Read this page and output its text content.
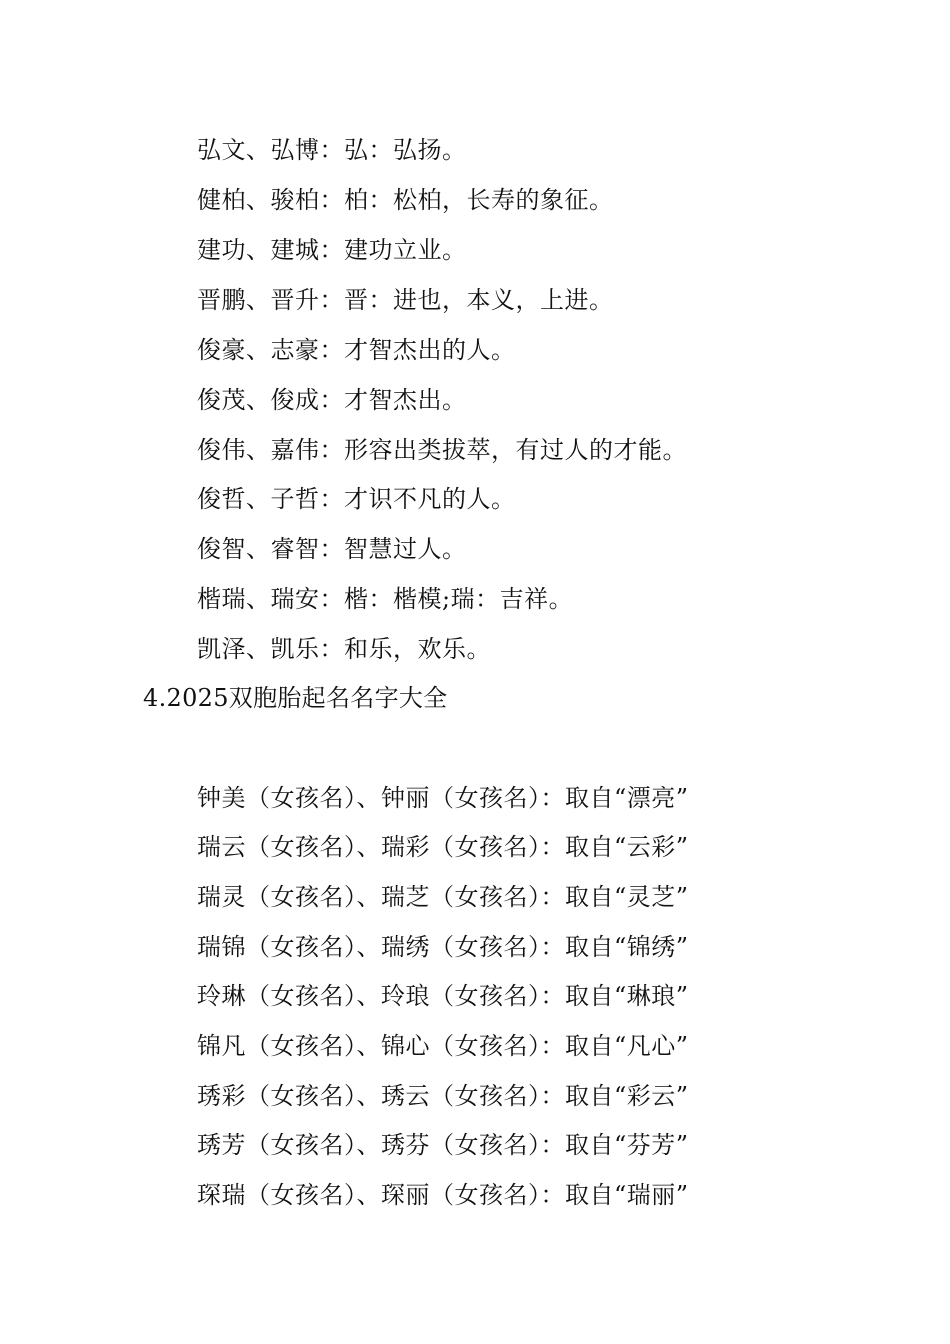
弘文、弘博：弘：弘扬。
健柏、骏柏：柏：松柏，长寿的象征。
建功、建城：建功立业。
晋鹏、晋升：晋：进也，本义，上进。
俊豪、志豪：才智杰出的人。
俊茂、俊成：才智杰出。
俊伟、嘉伟：形容出类拔萃，有过人的才能。
俊哲、子哲：才识不凡的人。
俊智、睿智：智慧过人。
楷瑞、瑞安：楷：楷模;瑞：吉祥。
凯泽、凯乐：和乐，欢乐。
4.2025双胞胎起名名字大全
钟美（女孩名）、钟丽（女孩名）：取自“漂亮”
瑞云（女孩名）、瑞彩（女孩名）：取自“云彩”
瑞灵（女孩名）、瑞芝（女孩名）：取自“灵芝”
瑞锦（女孩名）、瑞绣（女孩名）：取自“锦绣”
玲琳（女孩名）、玲琅（女孩名）：取自“琳琅”
锦凡（女孩名）、锦心（女孩名）：取自“凡心”
琇彩（女孩名）、琇云（女孩名）：取自“彩云”
琇芳（女孩名）、琇芬（女孩名）：取自“芬芳”
琛瑞（女孩名）、琛丽（女孩名）：取自“瑞丽”
